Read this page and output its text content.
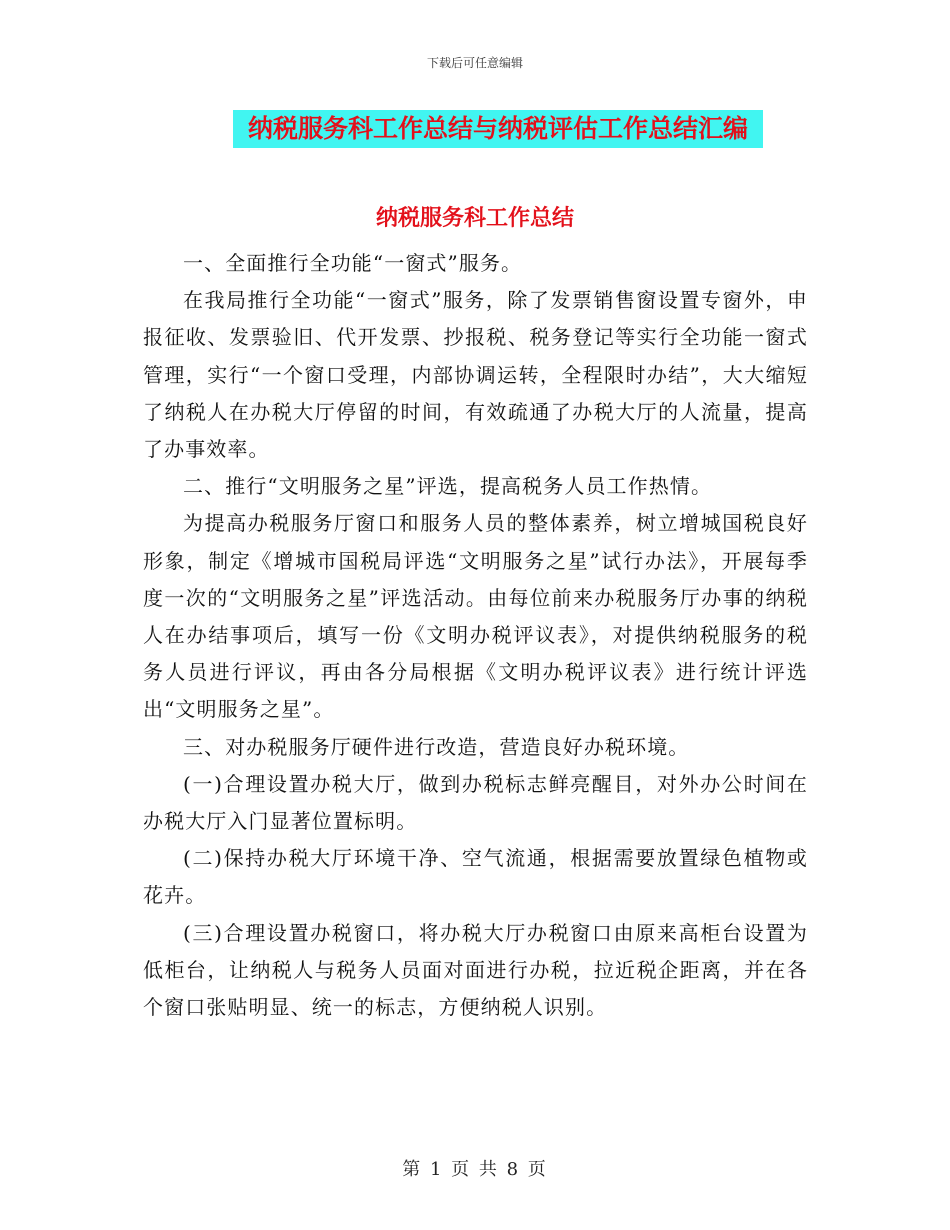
下载后可任意编辑
纳税服务科工作总结与纳税评估工作总结汇编
纳税服务科工作总结

一、全面推行全功能“一窗式”服务。

在我局推行全功能“一窗式”服务，除了发票销售窗设置专窗外，申报征收、发票验旧、代开发票、抄报税、税务登记等实行全功能一窗式管理，实行“一个窗口受理，内部协调运转，全程限时办结”，大大缩短了纳税人在办税大厅停留的时间，有效疏通了办税大厅的人流量，提高了办事效率。

二、推行“文明服务之星”评选，提高税务人员工作热情。

为提高办税服务厅窗口和服务人员的整体素养，树立增城国税良好形象，制定《增城市国税局评选“文明服务之星”试行办法》，开展每季度一次的“文明服务之星”评选活动。由每位前来办税服务厅办事的纳税人在办结事项后，填写一份《文明办税评议表》，对提供纳税服务的税务人员进行评议，再由各分局根据《文明办税评议表》进行统计评选出“文明服务之星”。

三、对办税服务厅硬件进行改造，营造良好办税环境。

(一)合理设置办税大厅，做到办税标志鲜亮醒目，对外办公时间在办税大厅入门显著位置标明。

(二)保持办税大厅环境干净、空气流通，根据需要放置绿色植物或花卉。

(三)合理设置办税窗口，将办税大厅办税窗口由原来高柜台设置为低柜台，让纳税人与税务人员面对面进行办税，拉近税企距离，并在各个窗口张贴明显、统一的标志，方便纳税人识别。

第 1 页 共 8 页
